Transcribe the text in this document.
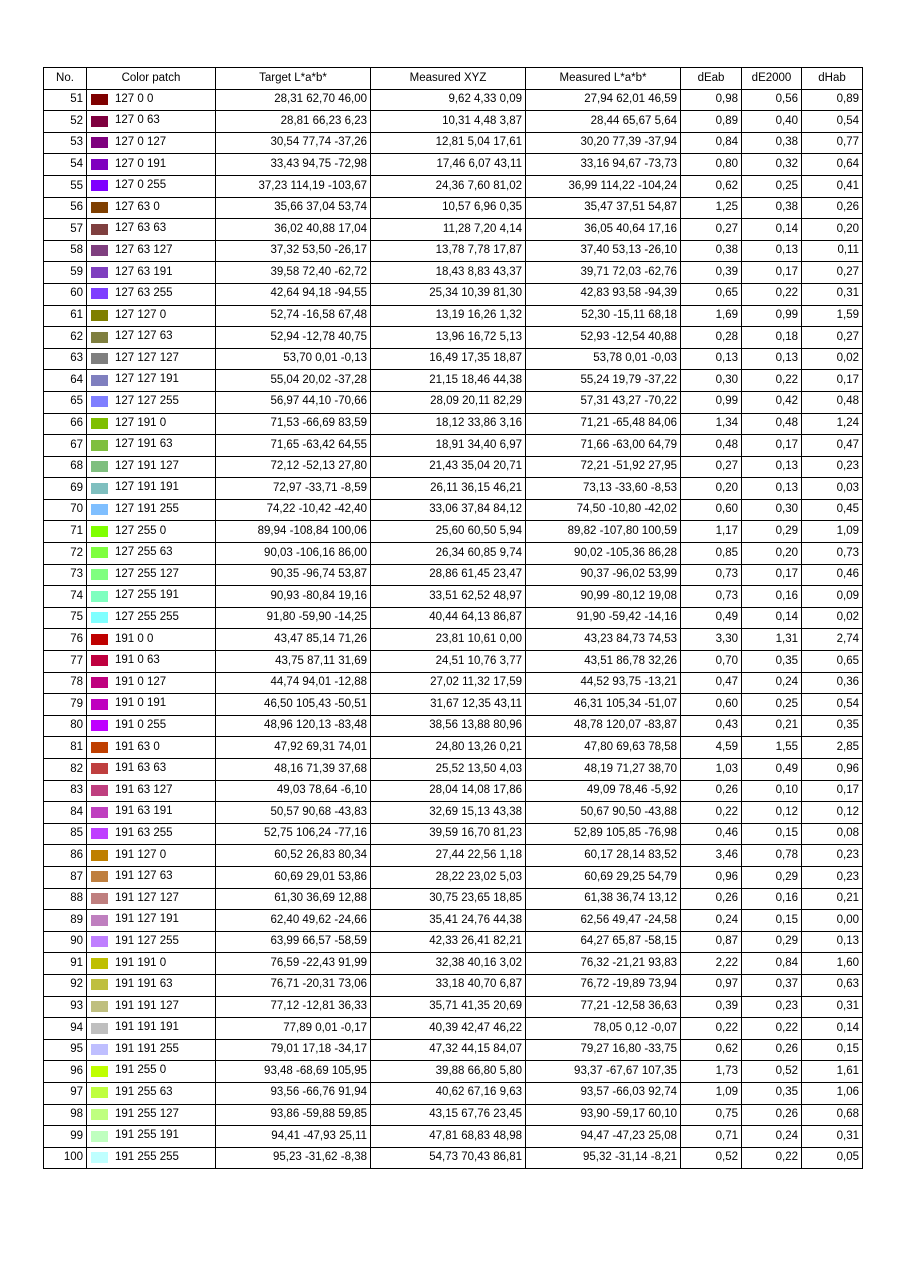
No.	Color patch	Target L*a*b*	Measured XYZ	Measured L*a*b*	dEab	dE2000	dHab
51	127 0 0	28,31 62,70 46,00	9,62 4,33 0,09	27,94 62,01 46,59	0,98	0,56	0,89
52	127 0 63	28,81 66,23 6,23	10,31 4,48 3,87	28,44 65,67 5,64	0,89	0,40	0,54
53	127 0 127	30,54 77,74 -37,26	12,81 5,04 17,61	30,20 77,39 -37,94	0,84	0,38	0,77
54	127 0 191	33,43 94,75 -72,98	17,46 6,07 43,11	33,16 94,67 -73,73	0,80	0,32	0,64
55	127 0 255	37,23 114,19 -103,67	24,36 7,60 81,02	36,99 114,22 -104,24	0,62	0,25	0,41
56	127 63 0	35,66 37,04 53,74	10,57 6,96 0,35	35,47 37,51 54,87	1,25	0,38	0,26
57	127 63 63	36,02 40,88 17,04	11,28 7,20 4,14	36,05 40,64 17,16	0,27	0,14	0,20
58	127 63 127	37,32 53,50 -26,17	13,78 7,78 17,87	37,40 53,13 -26,10	0,38	0,13	0,11
59	127 63 191	39,58 72,40 -62,72	18,43 8,83 43,37	39,71 72,03 -62,76	0,39	0,17	0,27
60	127 63 255	42,64 94,18 -94,55	25,34 10,39 81,30	42,83 93,58 -94,39	0,65	0,22	0,31
61	127 127 0	52,74 -16,58 67,48	13,19 16,26 1,32	52,30 -15,11 68,18	1,69	0,99	1,59
62	127 127 63	52,94 -12,78 40,75	13,96 16,72 5,13	52,93 -12,54 40,88	0,28	0,18	0,27
63	127 127 127	53,70 0,01 -0,13	16,49 17,35 18,87	53,78 0,01 -0,03	0,13	0,13	0,02
64	127 127 191	55,04 20,02 -37,28	21,15 18,46 44,38	55,24 19,79 -37,22	0,30	0,22	0,17
65	127 127 255	56,97 44,10 -70,66	28,09 20,11 82,29	57,31 43,27 -70,22	0,99	0,42	0,48
66	127 191 0	71,53 -66,69 83,59	18,12 33,86 3,16	71,21 -65,48 84,06	1,34	0,48	1,24
67	127 191 63	71,65 -63,42 64,55	18,91 34,40 6,97	71,66 -63,00 64,79	0,48	0,17	0,47
68	127 191 127	72,12 -52,13 27,80	21,43 35,04 20,71	72,21 -51,92 27,95	0,27	0,13	0,23
69	127 191 191	72,97 -33,71 -8,59	26,11 36,15 46,21	73,13 -33,60 -8,53	0,20	0,13	0,03
70	127 191 255	74,22 -10,42 -42,40	33,06 37,84 84,12	74,50 -10,80 -42,02	0,60	0,30	0,45
71	127 255 0	89,94 -108,84 100,06	25,60 60,50 5,94	89,82 -107,80 100,59	1,17	0,29	1,09
72	127 255 63	90,03 -106,16 86,00	26,34 60,85 9,74	90,02 -105,36 86,28	0,85	0,20	0,73
73	127 255 127	90,35 -96,74 53,87	28,86 61,45 23,47	90,37 -96,02 53,99	0,73	0,17	0,46
74	127 255 191	90,93 -80,84 19,16	33,51 62,52 48,97	90,99 -80,12 19,08	0,73	0,16	0,09
75	127 255 255	91,80 -59,90 -14,25	40,44 64,13 86,87	91,90 -59,42 -14,16	0,49	0,14	0,02
76	191 0 0	43,47 85,14 71,26	23,81 10,61 0,00	43,23 84,73 74,53	3,30	1,31	2,74
77	191 0 63	43,75 87,11 31,69	24,51 10,76 3,77	43,51 86,78 32,26	0,70	0,35	0,65
78	191 0 127	44,74 94,01 -12,88	27,02 11,32 17,59	44,52 93,75 -13,21	0,47	0,24	0,36
79	191 0 191	46,50 105,43 -50,51	31,67 12,35 43,11	46,31 105,34 -51,07	0,60	0,25	0,54
80	191 0 255	48,96 120,13 -83,48	38,56 13,88 80,96	48,78 120,07 -83,87	0,43	0,21	0,35
81	191 63 0	47,92 69,31 74,01	24,80 13,26 0,21	47,80 69,63 78,58	4,59	1,55	2,85
82	191 63 63	48,16 71,39 37,68	25,52 13,50 4,03	48,19 71,27 38,70	1,03	0,49	0,96
83	191 63 127	49,03 78,64 -6,10	28,04 14,08 17,86	49,09 78,46 -5,92	0,26	0,10	0,17
84	191 63 191	50,57 90,68 -43,83	32,69 15,13 43,38	50,67 90,50 -43,88	0,22	0,12	0,12
85	191 63 255	52,75 106,24 -77,16	39,59 16,70 81,23	52,89 105,85 -76,98	0,46	0,15	0,08
86	191 127 0	60,52 26,83 80,34	27,44 22,56 1,18	60,17 28,14 83,52	3,46	0,78	0,23
87	191 127 63	60,69 29,01 53,86	28,22 23,02 5,03	60,69 29,25 54,79	0,96	0,29	0,23
88	191 127 127	61,30 36,69 12,88	30,75 23,65 18,85	61,38 36,74 13,12	0,26	0,16	0,21
89	191 127 191	62,40 49,62 -24,66	35,41 24,76 44,38	62,56 49,47 -24,58	0,24	0,15	0,00
90	191 127 255	63,99 66,57 -58,59	42,33 26,41 82,21	64,27 65,87 -58,15	0,87	0,29	0,13
91	191 191 0	76,59 -22,43 91,99	32,38 40,16 3,02	76,32 -21,21 93,83	2,22	0,84	1,60
92	191 191 63	76,71 -20,31 73,06	33,18 40,70 6,87	76,72 -19,89 73,94	0,97	0,37	0,63
93	191 191 127	77,12 -12,81 36,33	35,71 41,35 20,69	77,21 -12,58 36,63	0,39	0,23	0,31
94	191 191 191	77,89 0,01 -0,17	40,39 42,47 46,22	78,05 0,12 -0,07	0,22	0,22	0,14
95	191 191 255	79,01 17,18 -34,17	47,32 44,15 84,07	79,27 16,80 -33,75	0,62	0,26	0,15
96	191 255 0	93,48 -68,69 105,95	39,88 66,80 5,80	93,37 -67,67 107,35	1,73	0,52	1,61
97	191 255 63	93,56 -66,76 91,94	40,62 67,16 9,63	93,57 -66,03 92,74	1,09	0,35	1,06
98	191 255 127	93,86 -59,88 59,85	43,15 67,76 23,45	93,90 -59,17 60,10	0,75	0,26	0,68
99	191 255 191	94,41 -47,93 25,11	47,81 68,83 48,98	94,47 -47,23 25,08	0,71	0,24	0,31
100	191 255 255	95,23 -31,62 -8,38	54,73 70,43 86,81	95,32 -31,14 -8,21	0,52	0,22	0,05
